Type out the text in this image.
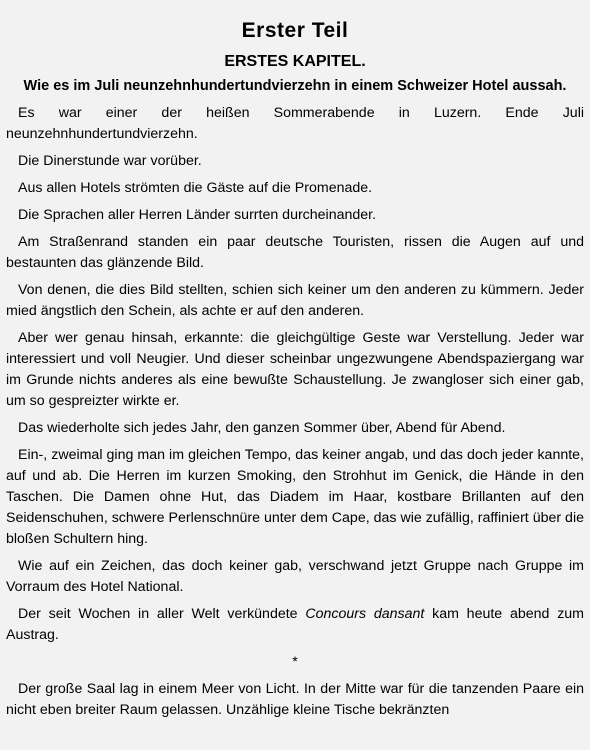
Erster Teil
ERSTES KAPITEL.
Wie es im Juli neunzehnhundertundvierzehn in einem Schweizer Hotel aussah.

Es war einer der heißen Sommerabende in Luzern. Ende Juli neunzehnhundertundvierzehn.

Die Dinerstunde war vorüber.

Aus allen Hotels strömten die Gäste auf die Promenade.

Die Sprachen aller Herren Länder surrten durcheinander.

Am Straßenrand standen ein paar deutsche Touristen, rissen die Augen auf und bestaunten das glänzende Bild.

Von denen, die dies Bild stellten, schien sich keiner um den anderen zu kümmern. Jeder mied ängstlich den Schein, als achte er auf den anderen.

Aber wer genau hinsah, erkannte: die gleichgültige Geste war Verstellung. Jeder war interessiert und voll Neugier. Und dieser scheinbar ungezwungene Abendspaziergang war im Grunde nichts anderes als eine bewußte Schaustellung. Je zwangloser sich einer gab, um so gespreizter wirkte er.

Das wiederholte sich jedes Jahr, den ganzen Sommer über, Abend für Abend.

Ein-, zweimal ging man im gleichen Tempo, das keiner angab, und das doch jeder kannte, auf und ab. Die Herren im kurzen Smoking, den Strohhut im Genick, die Hände in den Taschen. Die Damen ohne Hut, das Diadem im Haar, kostbare Brillanten auf den Seidenschuhen, schwere Perlenschnüre unter dem Cape, das wie zufällig, raffiniert über die bloßen Schultern hing.

Wie auf ein Zeichen, das doch keiner gab, verschwand jetzt Gruppe nach Gruppe im Vorraum des Hotel National.

Der seit Wochen in aller Welt verkündete Concours dansant kam heute abend zum Austrag.

*

Der große Saal lag in einem Meer von Licht. In der Mitte war für die tanzenden Paare ein nicht eben breiter Raum gelassen. Unzählige kleine Tische bekränzten
